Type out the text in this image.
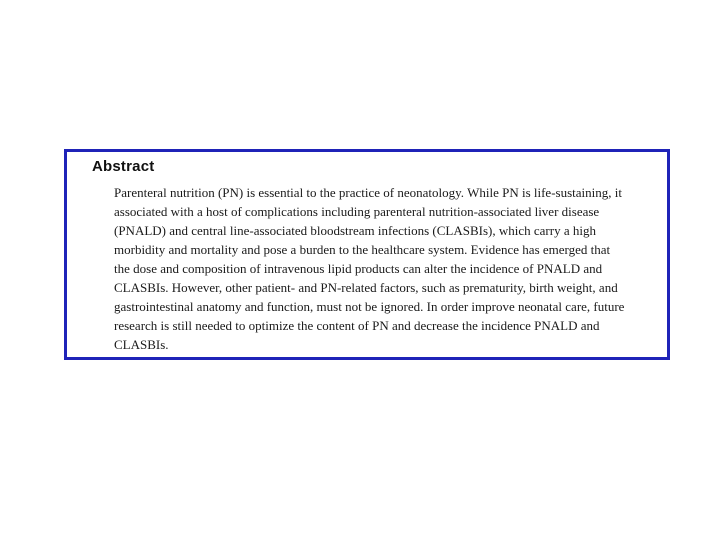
Abstract

Parenteral nutrition (PN) is essential to the practice of neonatology. While PN is life-sustaining, it
associated with a host of complications including parenteral nutrition-associated liver disease
(PNALD) and central line-associated bloodstream infections (CLASBIs), which carry a high
morbidity and mortality and pose a burden to the healthcare system. Evidence has emerged that
the dose and composition of intravenous lipid products can alter the incidence of PNALD and
CLASBIs. However, other patient- and PN-related factors, such as prematurity, birth weight, and
gastrointestinal anatomy and function, must not be ignored. In order improve neonatal care, future
research is still needed to optimize the content of PN and decrease the incidence PNALD and
CLASBIs.
